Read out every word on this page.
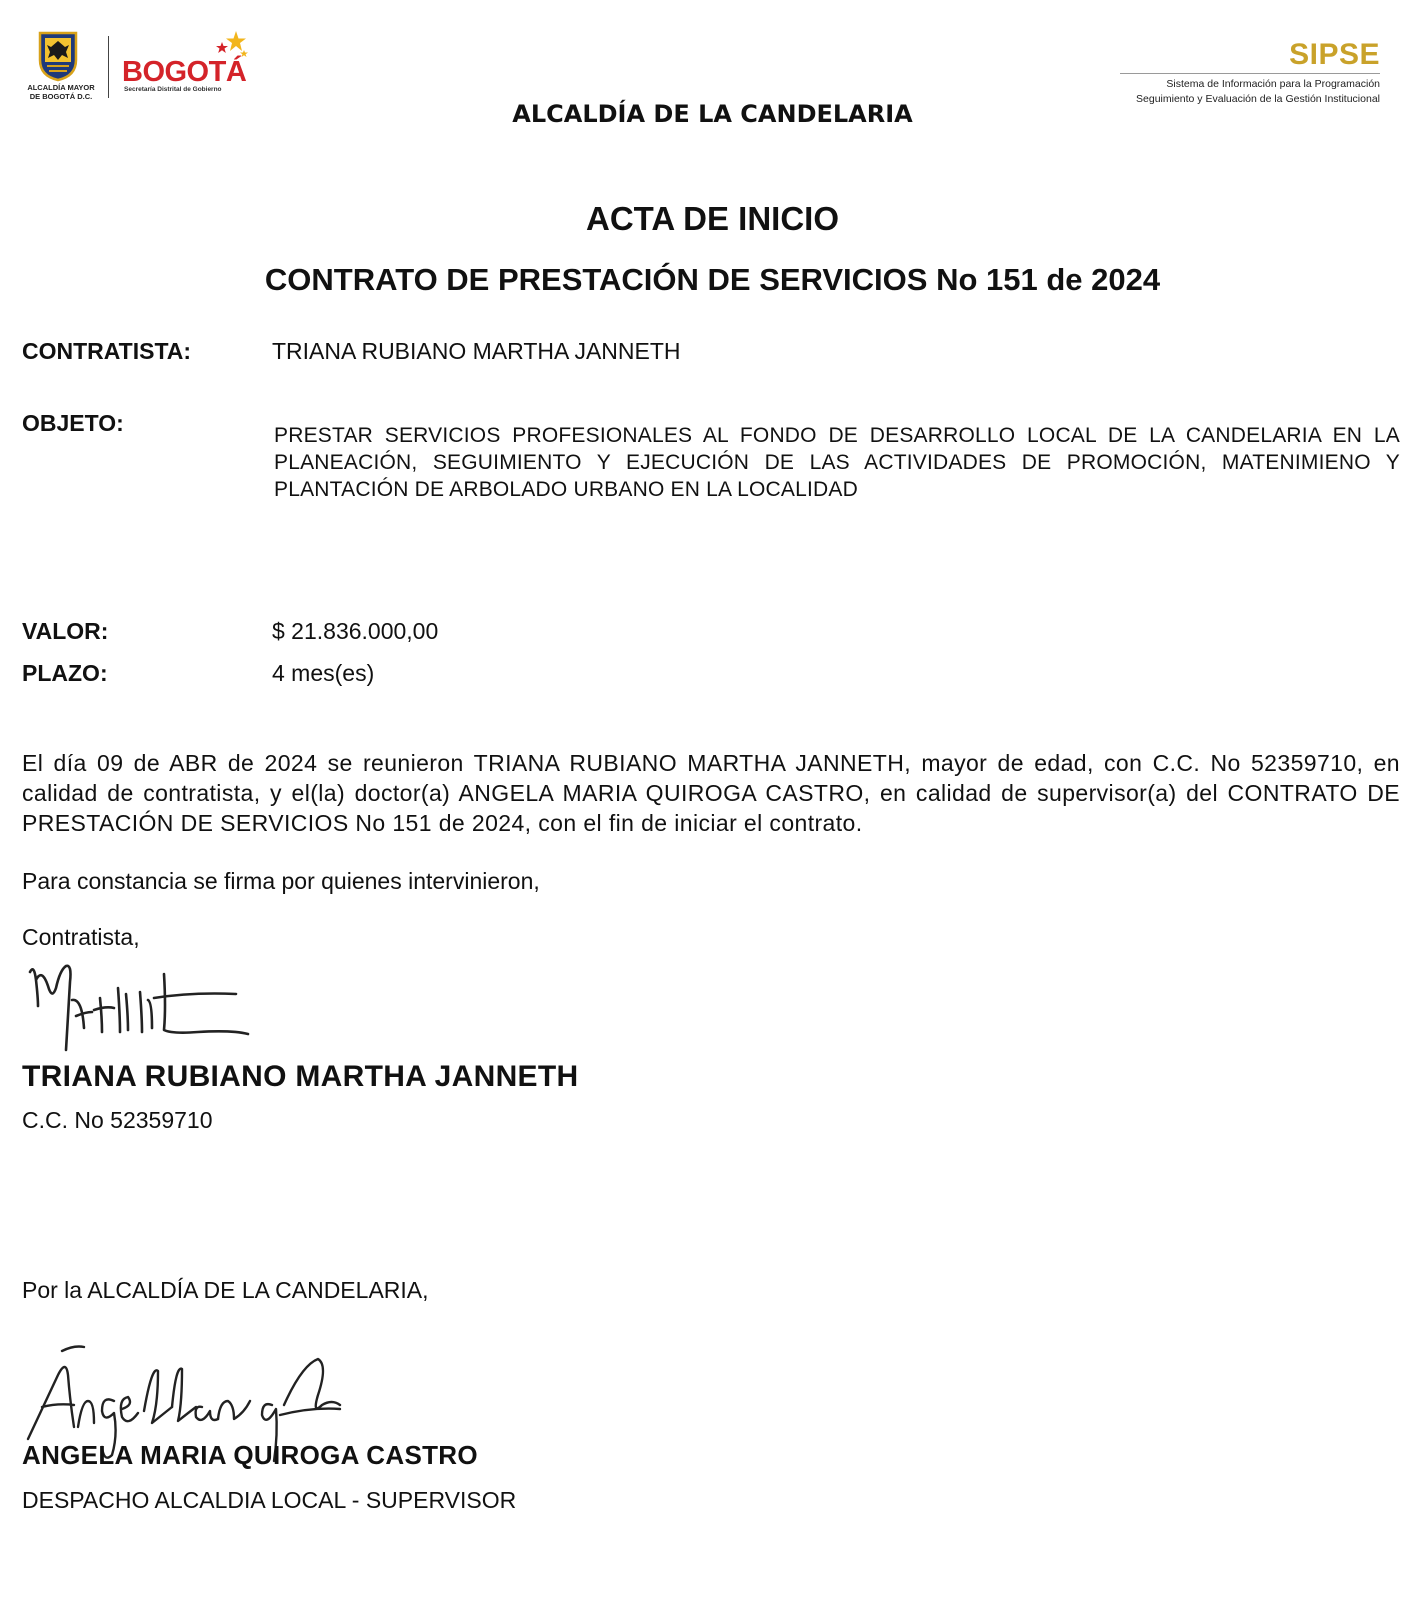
ALCALDÍA MAYOR DE BOGOTÁ D.C.
BOGOTÁ
Secretaría Distrital de Gobierno
SIPSE
Sistema de Información para la Programación
Seguimiento y Evaluación de la Gestión Institucional
ALCALDÍA DE LA CANDELARIA
ACTA DE INICIO
CONTRATO DE PRESTACIÓN DE SERVICIOS No 151 de 2024
CONTRATISTA:	TRIANA RUBIANO MARTHA JANNETH
OBJETO:	PRESTAR SERVICIOS PROFESIONALES AL FONDO DE DESARROLLO LOCAL DE LA CANDELARIA EN LA PLANEACIÓN, SEGUIMIENTO Y EJECUCIÓN DE LAS ACTIVIDADES DE PROMOCIÓN, MATENIMIENO Y PLANTACIÓN DE ARBOLADO URBANO EN LA LOCALIDAD
VALOR:	$ 21.836.000,00
PLAZO:	4 mes(es)
El día 09 de ABR de 2024 se reunieron TRIANA RUBIANO MARTHA JANNETH, mayor de edad, con C.C. No 52359710, en calidad de contratista, y el(la) doctor(a) ANGELA MARIA QUIROGA CASTRO, en calidad de supervisor(a) del CONTRATO DE PRESTACIÓN DE SERVICIOS No 151 de 2024, con el fin de iniciar el contrato.
Para constancia se firma por quienes intervinieron,
Contratista,
TRIANA RUBIANO MARTHA JANNETH
C.C. No 52359710
Por la ALCALDÍA DE LA CANDELARIA,
ANGELA MARIA QUIROGA CASTRO
DESPACHO ALCALDIA LOCAL - SUPERVISOR
